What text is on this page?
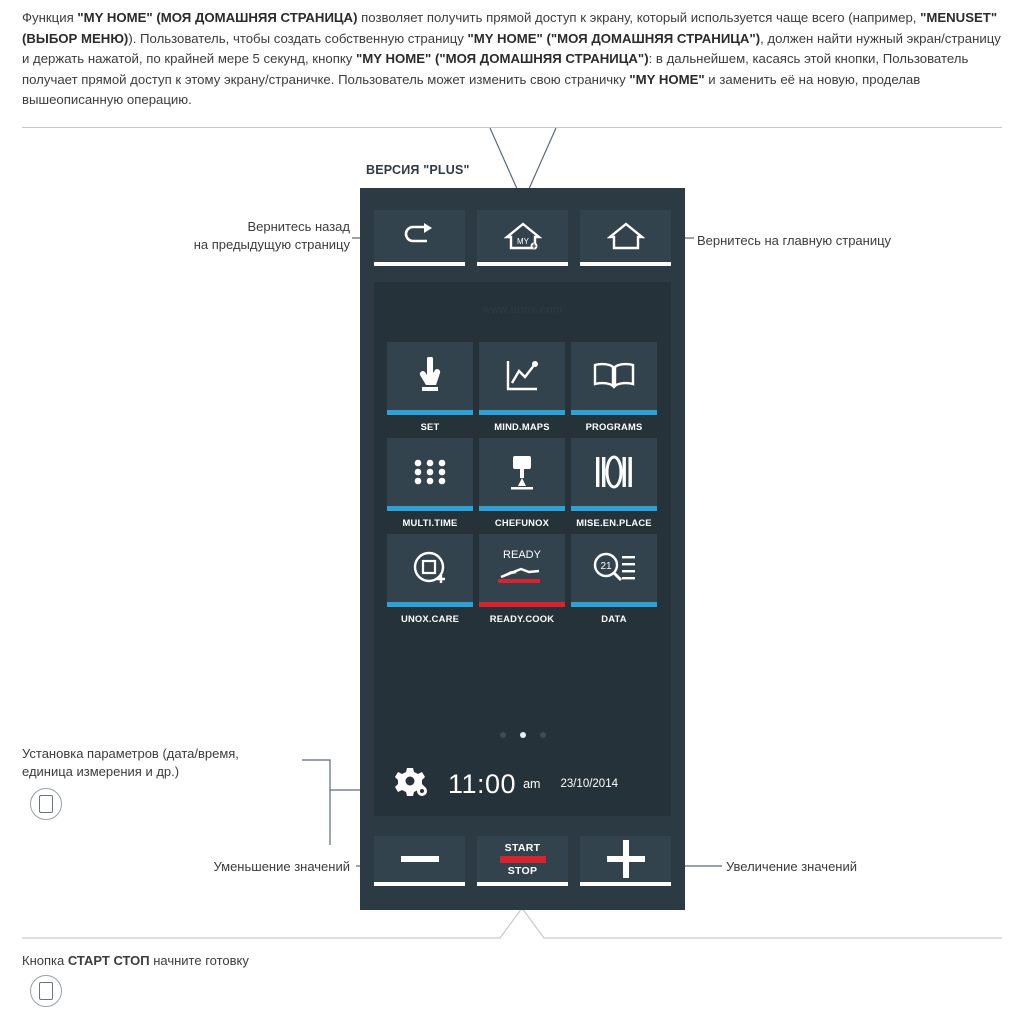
Функция "MY HOME" (МОЯ ДОМАШНЯЯ СТРАНИЦА) позволяет получить прямой доступ к экрану, который используется чаще всего (например, "MENUSET" (ВЫБОР МЕНЮ)). Пользователь, чтобы создать собственную страницу "MY HOME" ("МОЯ ДОМАШНЯЯ СТРАНИЦА"), должен найти нужный экран/страницу и держать нажатой, по крайней мере 5 секунд, кнопку "MY HOME" ("МОЯ ДОМАШНЯЯ СТРАНИЦА"): в дальнейшем, касаясь этой кнопки, Пользователь получает прямой доступ к этому экрану/страничке. Пользователь может изменить свою страничку "MY HOME" и заменить её на новую, проделав вышеописанную операцию.
ВЕРСИЯ "PLUS"
MY
www.unox.com
SET	MIND.MAPS	PROGRAMS
MULTI.TIME	CHEFUNOX	MISE.EN.PLACE
UNOX.CARE
READY
READY.COOK
21
DATA
11:00 am 23/10/2014
START
STOP
Вернитесь назад
на предыдущую страницу	Вернитесь на главную страницу
Установка параметров (дата/время,
единица измерения и др.)
Уменьшение значений	Увеличение значений
Кнопка СТАРТ СТОП начните готовку
